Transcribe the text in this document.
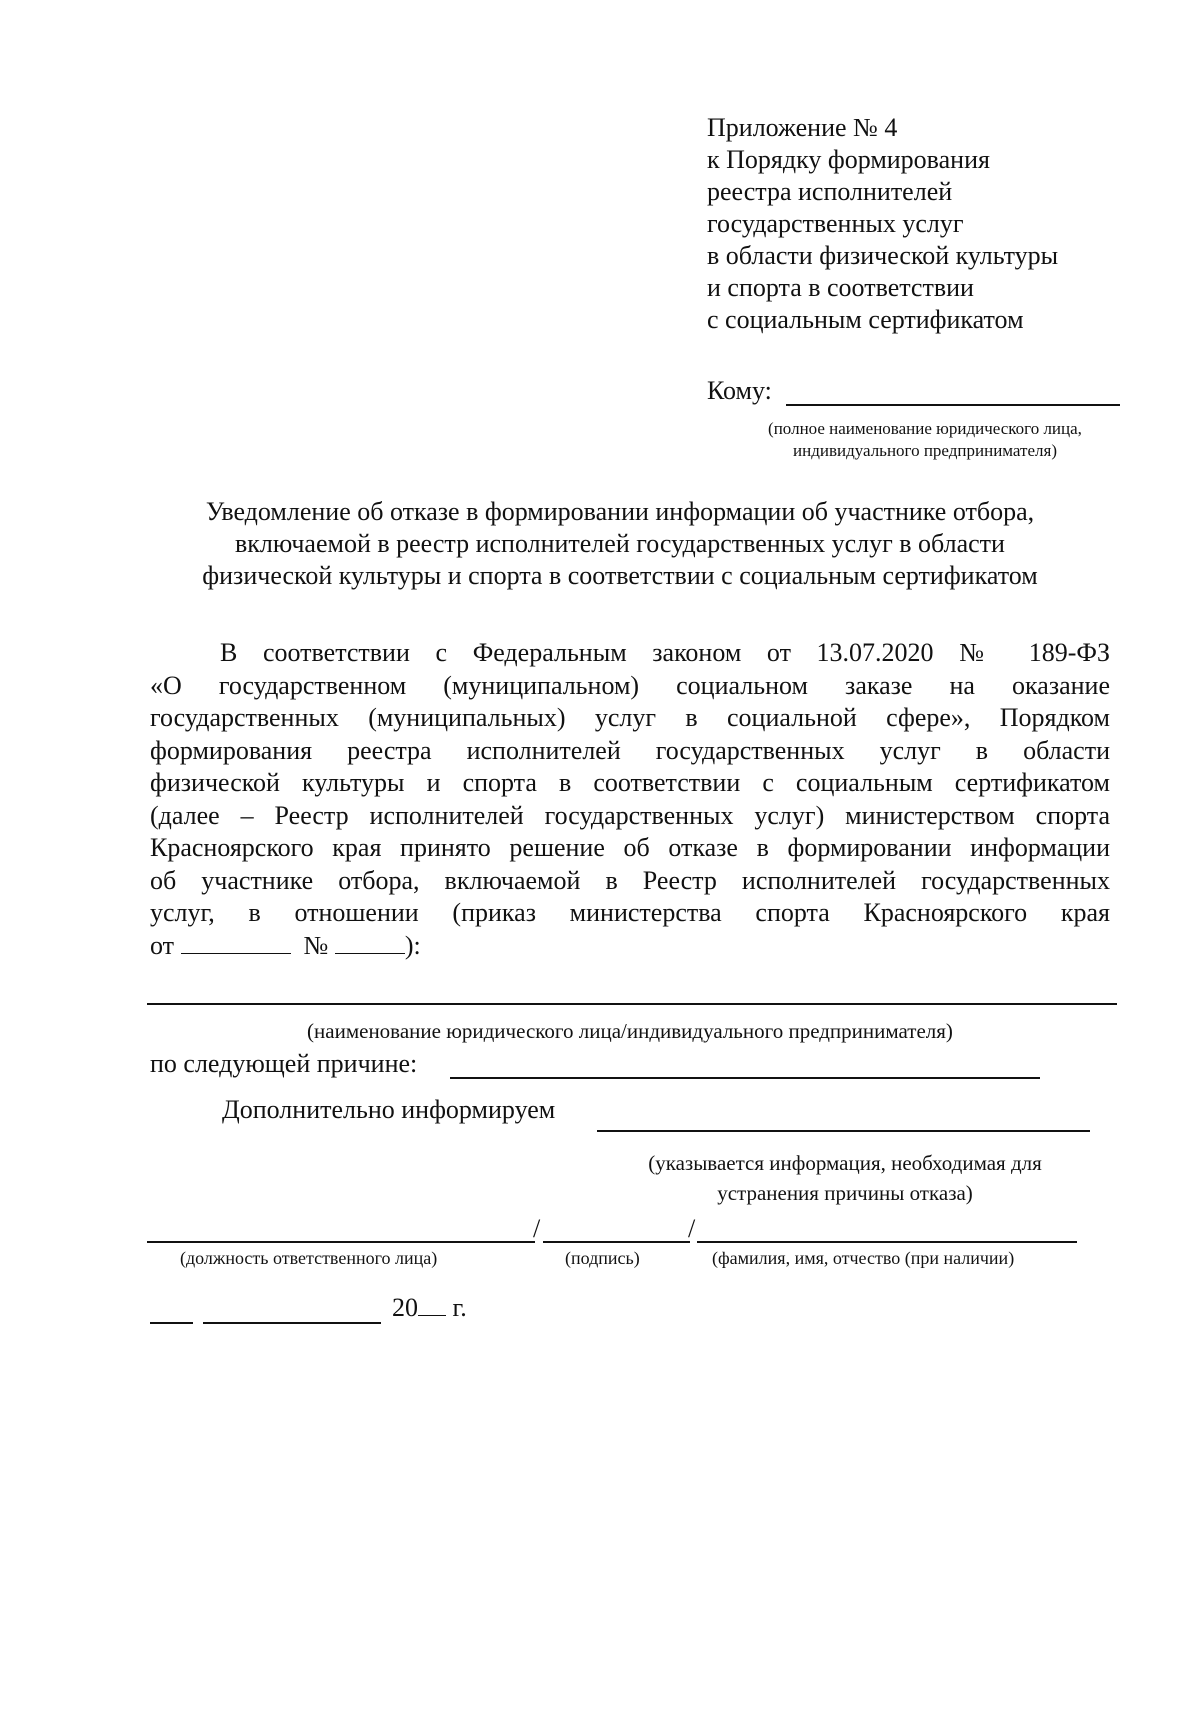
Приложение № 4
к Порядку формирования
реестра исполнителей
государственных услуг
в области физической культуры
и спорта в соответствии
с социальным сертификатом
Кому:
(полное наименование юридического лица,
индивидуального предпринимателя)
Уведомление об отказе в формировании информации об участнике отбора,
включаемой в реестр исполнителей государственных услуг в области
физической культуры и спорта в соответствии с социальным сертификатом
В соответствии с Федеральным законом от 13.07.2020 № 189-ФЗ
«О государственном (муниципальном) социальном заказе на оказание
государственных (муниципальных) услуг в социальной сфере», Порядком
формирования реестра исполнителей государственных услуг в области
физической культуры и спорта в соответствии с социальным сертификатом
(далее – Реестр исполнителей государственных услуг) министерством спорта
Красноярского края принято решение об отказе в формировании информации
об участнике отбора, включаемой в Реестр исполнителей государственных
услуг, в отношении (приказ министерства спорта Красноярского края
от	№	):
(наименование юридического лица/индивидуального предпринимателя)
по следующей причине:
Дополнительно информируем
(указывается информация, необходимая для
устранения причины отказа)
/	/
(должность ответственного лица)	(подпись)	(фамилия, имя, отчество (при наличии)
20 г.
